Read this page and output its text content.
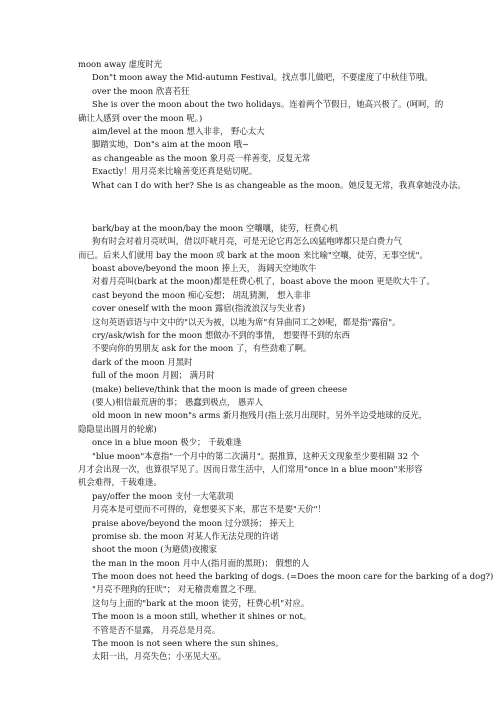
moon away 虚度时光
Don"t moon away the Mid-autumn Festival。找点事儿做吧，不要虚度了中秋佳节哦。
over the moon 欣喜若狂
She is over the moon about the two holidays。连着两个节假日，她高兴极了。(呵呵，的
确让人感到 over the moon 呢。)
aim/level at the moon 想入非非， 野心太大
脚踏实地，Don"s aim at the moon 哦~
as changeable as the moon 象月亮一样善变，反复无常
Exactly！用月亮来比喻善变还真是贴切呢。
What can I do with her? She is as changeable as the moon。她反复无常，我真拿她没办法。
bark/bay at the moon/bay the moon 空嚷嚷，徒劳，枉费心机
狗有时会对着月亮吠叫，借以吓唬月亮，可是无论它再怎么凶猛咆哮都只是白费力气
而已。后来人们就用 bay the moon 或 bark at the moon 来比喻"空嚷，徒劳，无事空忧"。
boast above/beyond the moon 捧上天， 海阔天空地吹牛
对着月亮叫(bark at the moon)都是枉费心机了，boast above the moon 更是吹大牛了。
cast beyond the moon 痴心妄想； 胡乱猜测， 想入非非
cover oneself with the moon 露宿(指流浪汉与失业者)
这句英语谚语与中文中的"以天为被，以地为席"有异曲同工之妙呢，都是指"露宿"。
cry/ask/wish for the moon 想做办不到的事情， 想要得不到的东西
不要向你的男朋友 ask for the moon 了，有些劲难了啊。
dark of the moon 月黑时
full of the moon 月圆； 满月时
(make) believe/think that the moon is made of green cheese
(要人)相信最荒唐的事； 愚蠢到极点， 愚弄人
old moon in new moon"s arms 新月抱残月(指上弦月出现时，另外半边受地球的反光，
隐隐显出圆月的轮廓)
once in a blue moon 极少； 千载难逢
"blue moon"本意指"一个月中的第二次满月"。据推算，这种天文现象至少要相隔 32 个
月才会出现一次，也算很罕见了。因而日常生活中，人们常用"once in a blue moon"来形容
机会难得，千载难逢。
pay/offer the moon 支付一大笔款项
月亮本是可望而不可得的，竟想要买下来，那岂不是要"天价"！
praise above/beyond the moon 过分颂扬； 捧天上
promise sb. the moon 对某人作无法兑现的许诺
shoot the moon (为避债)夜搬家
the man in the moon 月中人(指月面的黑斑)； 假想的人
The moon does not heed the barking of dogs. (=Does the moon care for the barking of a dog?)
"月亮不理狗的狂吠"； 对无稽责难置之不理。
这句与上面的"bark at the moon 徒劳，枉费心机"对应。
The moon is a moon still, whether it shines or not。
不管是否不显露， 月亮总是月亮。
The moon is not seen where the sun shines。
太阳一出，月亮失色；小巫见大巫。
